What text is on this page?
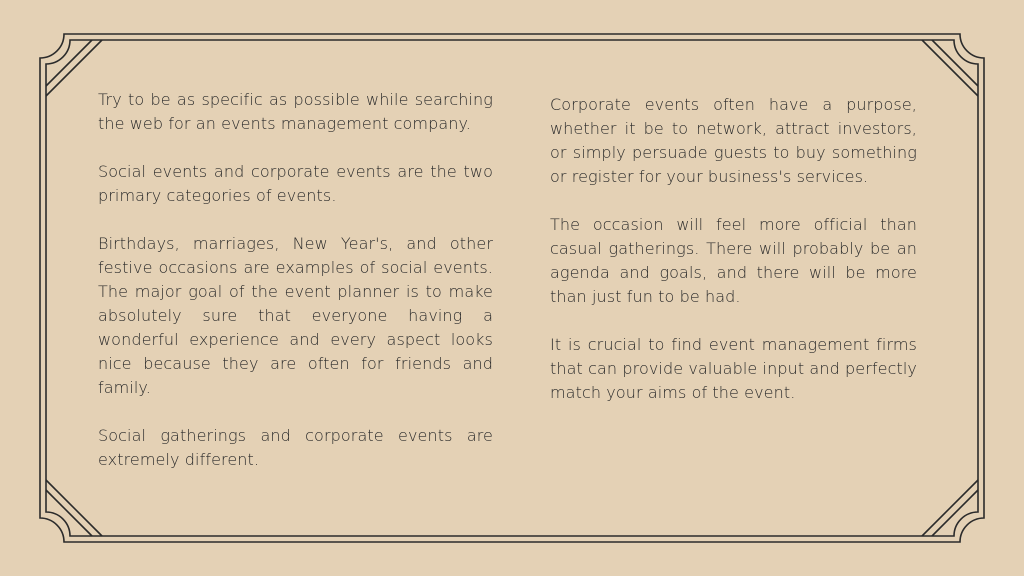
Try to be as specific as possible while searching the web for an events management company.

Social events and corporate events are the two primary categories of events.

Birthdays, marriages, New Year's, and other festive occasions are examples of social events. The major goal of the event planner is to make absolutely sure that everyone having a wonderful experience and every aspect looks nice because they are often for friends and family.

Social gatherings and corporate events are extremely different.

Corporate events often have a purpose, whether it be to network, attract investors, or simply persuade guests to buy something or register for your business's services.

The occasion will feel more official than casual gatherings. There will probably be an agenda and goals, and there will be more than just fun to be had.

It is crucial to find event management firms that can provide valuable input and perfectly match your aims of the event.
